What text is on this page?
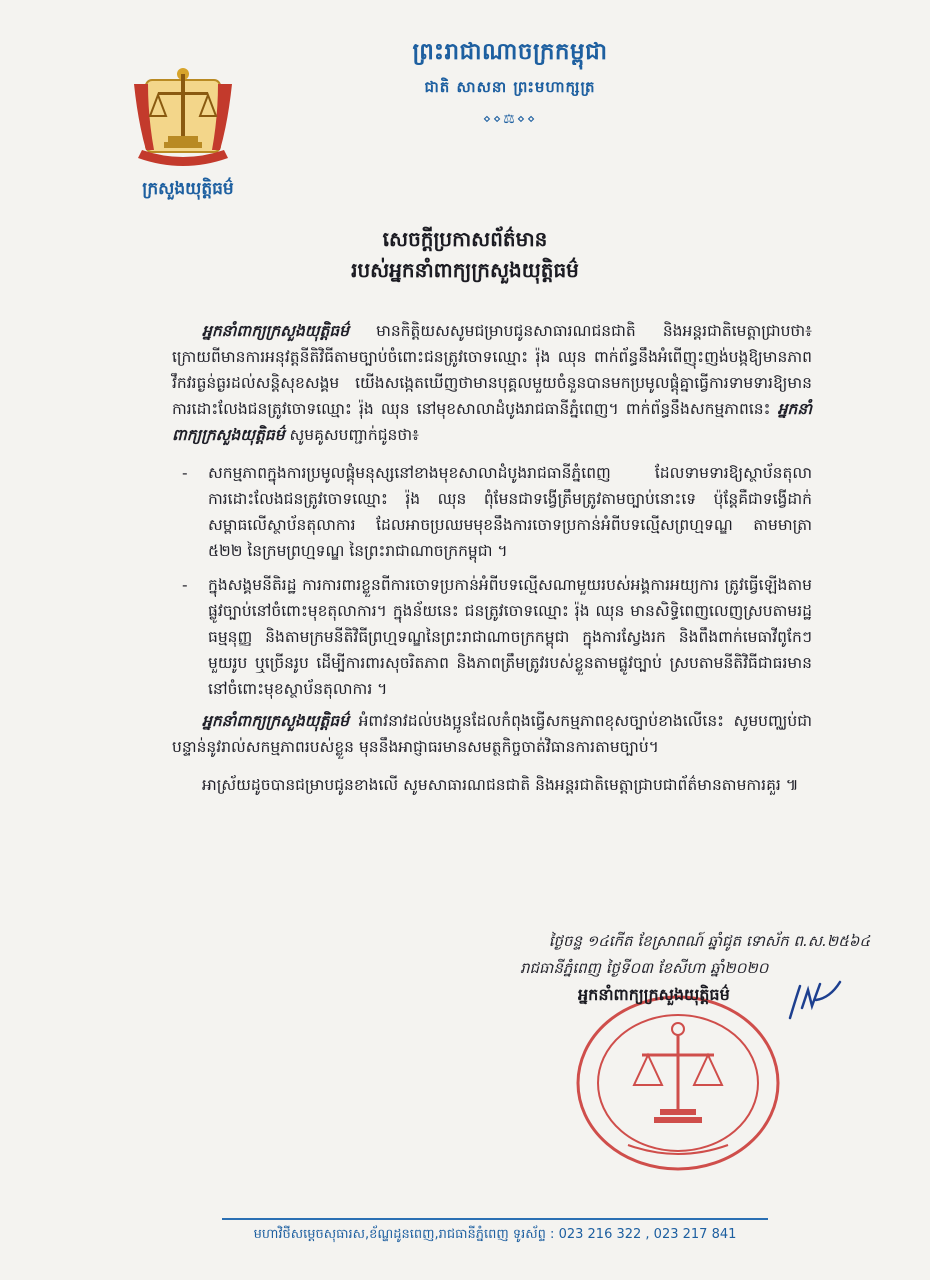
ក្រសួងយុត្តិធម៌
ព្រះរាជាណាចក្រកម្ពុជា
ជាតិ សាសនា ព្រះមហាក្សត្រ
⋄⋄⚖⋄⋄
សេចក្តីប្រកាសព័ត៌មាន
របស់អ្នកនាំពាក្យក្រសួងយុត្តិធម៌

អ្នកនាំពាក្យក្រសួងយុត្តិធម៌ មានកិត្តិយសសូមជម្រាបជូនសាធារណជនជាតិ និងអន្តរជាតិមេត្តាជ្រាបថា៖ ក្រោយពីមានការអនុវត្តនីតិវិធីតាមច្បាប់ចំពោះជនត្រូវចោទឈ្មោះ រ៉ុង ឈុន ពាក់ព័ន្ធនឹងអំពើញុះញង់បង្កឱ្យមានភាពវឹកវរធ្ងន់ធ្ងរដល់សន្តិសុខសង្គម យើងសង្កេតឃើញថាមានបុគ្គលមួយចំនួនបានមកប្រមូលផ្តុំគ្នាធ្វើការទាមទារឱ្យមានការដោះលែងជនត្រូវចោទឈ្មោះ រ៉ុង ឈុន នៅមុខសាលាដំបូងរាជធានីភ្នំពេញ។ ពាក់ព័ន្ធនឹងសកម្មភាពនេះ អ្នកនាំពាក្យក្រសួងយុត្តិធម៌ សូមគូសបញ្ជាក់ជូនថា៖

- សកម្មភាពក្នុងការប្រមូលផ្តុំមនុស្សនៅខាងមុខសាលាដំបូងរាជធានីភ្នំពេញ ដែលទាមទារឱ្យស្ថាប័នតុលាការដោះលែងជនត្រូវចោទឈ្មោះ រ៉ុង ឈុន ពុំមែនជាទង្វើត្រឹមត្រូវតាមច្បាប់នោះទេ ប៉ុន្តែគឺជាទង្វើដាក់សម្ពាធលើស្ថាប័នតុលាការ ដែលអាចប្រឈមមុខនឹងការចោទប្រកាន់អំពីបទល្មើសព្រហ្មទណ្ឌ តាមមាត្រា ៥២២ នៃក្រមព្រហ្មទណ្ឌ នៃព្រះរាជាណាចក្រកម្ពុជា ។

- ក្នុងសង្គមនីតិរដ្ឋ ការការពារខ្លួនពីការចោទប្រកាន់អំពីបទល្មើសណាមួយរបស់អង្គការអយ្យការ ត្រូវធ្វើឡើងតាមផ្លូវច្បាប់នៅចំពោះមុខតុលាការ។ ក្នុងន័យនេះ ជនត្រូវចោទឈ្មោះ រ៉ុង ឈុន មានសិទ្ធិពេញលេញស្របតាមរដ្ឋធម្មនុញ្ញ និងតាមក្រមនីតិវិធីព្រហ្មទណ្ឌនៃព្រះរាជាណាចក្រកម្ពុជា ក្នុងការស្វែងរក និងពឹងពាក់មេធាវីពូកែៗ មួយរូប ឬច្រើនរូប ដើម្បីការពារសុចរិតភាព និងភាពត្រឹមត្រូវរបស់ខ្លួនតាមផ្លូវច្បាប់ ស្របតាមនីតិវិធីជាធរមាននៅចំពោះមុខស្ថាប័នតុលាការ ។

អ្នកនាំពាក្យក្រសួងយុត្តិធម៌ អំពាវនាវដល់បងប្អូនដែលកំពុងធ្វើសកម្មភាពខុសច្បាប់ខាងលើនេះ សូមបញ្ឈប់ជាបន្ទាន់នូវរាល់សកម្មភាពរបស់ខ្លួន មុននឹងអាជ្ញាធរមានសមត្ថកិច្ចចាត់វិធានការតាមច្បាប់។

អាស្រ័យដូចបានជម្រាបជូនខាងលើ សូមសាធារណជនជាតិ និងអន្តរជាតិមេត្តាជ្រាបជាព័ត៌មានតាមការគួរ ៕

ថ្ងៃចន្ទ ១៤កើត ខែស្រាពណ៍ ឆ្នាំជូត ទោស័ក ព.ស.២៥៦៤
រាជធានីភ្នំពេញ ថ្ងៃទី០៣ ខែសីហា ឆ្នាំ២០២០
អ្នកនាំពាក្យក្រសួងយុត្តិធម៌
មហាវិថីសម្តេចសុធារស,ខ័ណ្ឌដូនពេញ,រាជធានីភ្នំពេញ ទូរស័ព្ទ : 023 216 322 , 023 217 841
